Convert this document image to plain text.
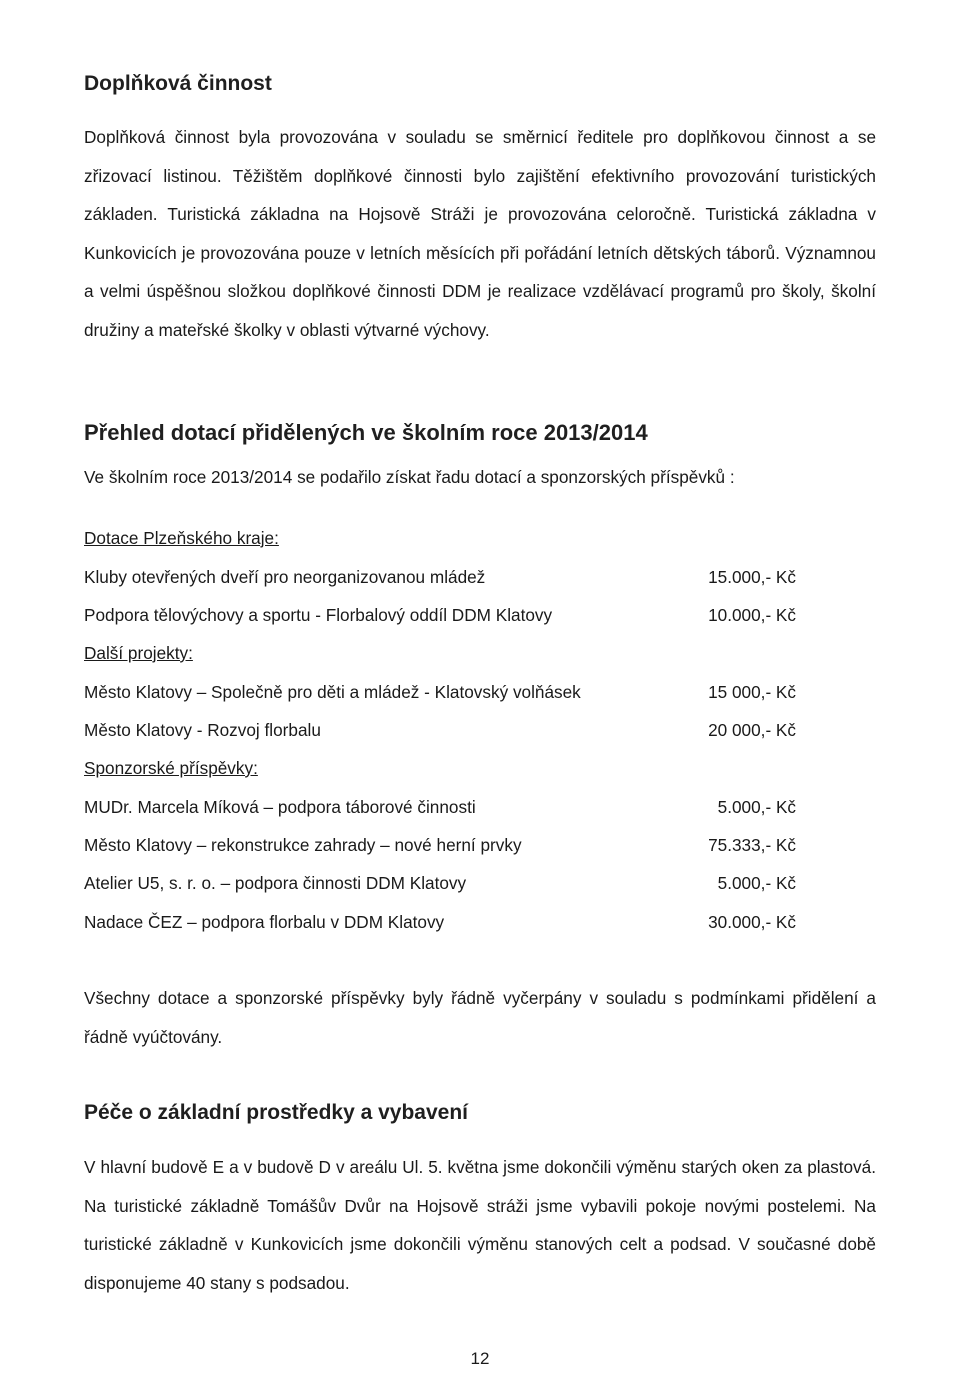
Doplňková činnost

Doplňková činnost byla provozována v souladu se směrnicí ředitele pro doplňkovou činnost a se zřizovací listinou. Těžištěm doplňkové činnosti bylo zajištění efektivního provozování turistických základen. Turistická základna na Hojsově Stráži je provozována celoročně. Turistická základna v Kunkovicích je provozována pouze v letních měsících při pořádání letních dětských táborů. Významnou a velmi úspěšnou složkou doplňkové činnosti DDM je realizace vzdělávací programů pro školy, školní družiny a mateřské školky v oblasti výtvarné výchovy.

Přehled dotací přidělených ve školním roce 2013/2014

Ve školním roce 2013/2014 se podařilo získat řadu dotací a sponzorských příspěvků :

Dotace Plzeňského kraje:

Kluby otevřených dveří pro neorganizovanou mládež	15.000,- Kč
Podpora tělovýchovy a sportu - Florbalový oddíl DDM Klatovy	10.000,- Kč

Další projekty:

Město Klatovy – Společně pro děti a mládež - Klatovský volňásek	15 000,- Kč
Město Klatovy - Rozvoj florbalu	20 000,- Kč

Sponzorské příspěvky:

MUDr. Marcela Míková – podpora táborové činnosti	5.000,- Kč
Město Klatovy – rekonstrukce zahrady – nové herní prvky	75.333,- Kč
Atelier U5, s. r. o. – podpora činnosti DDM Klatovy	5.000,- Kč
Nadace ČEZ – podpora florbalu v DDM Klatovy	30.000,- Kč

Všechny dotace a sponzorské příspěvky byly řádně vyčerpány v souladu s podmínkami přidělení a řádně vyúčtovány.

Péče o základní prostředky a vybavení

V hlavní budově E a v budově D v areálu Ul. 5. května jsme dokončili výměnu starých oken za plastová. Na turistické základně Tomášův Dvůr na Hojsově stráži jsme vybavili pokoje novými postelemi. Na turistické základně v Kunkovicích jsme dokončili výměnu stanových celt a podsad. V současné době disponujeme 40 stany s podsadou.

12
